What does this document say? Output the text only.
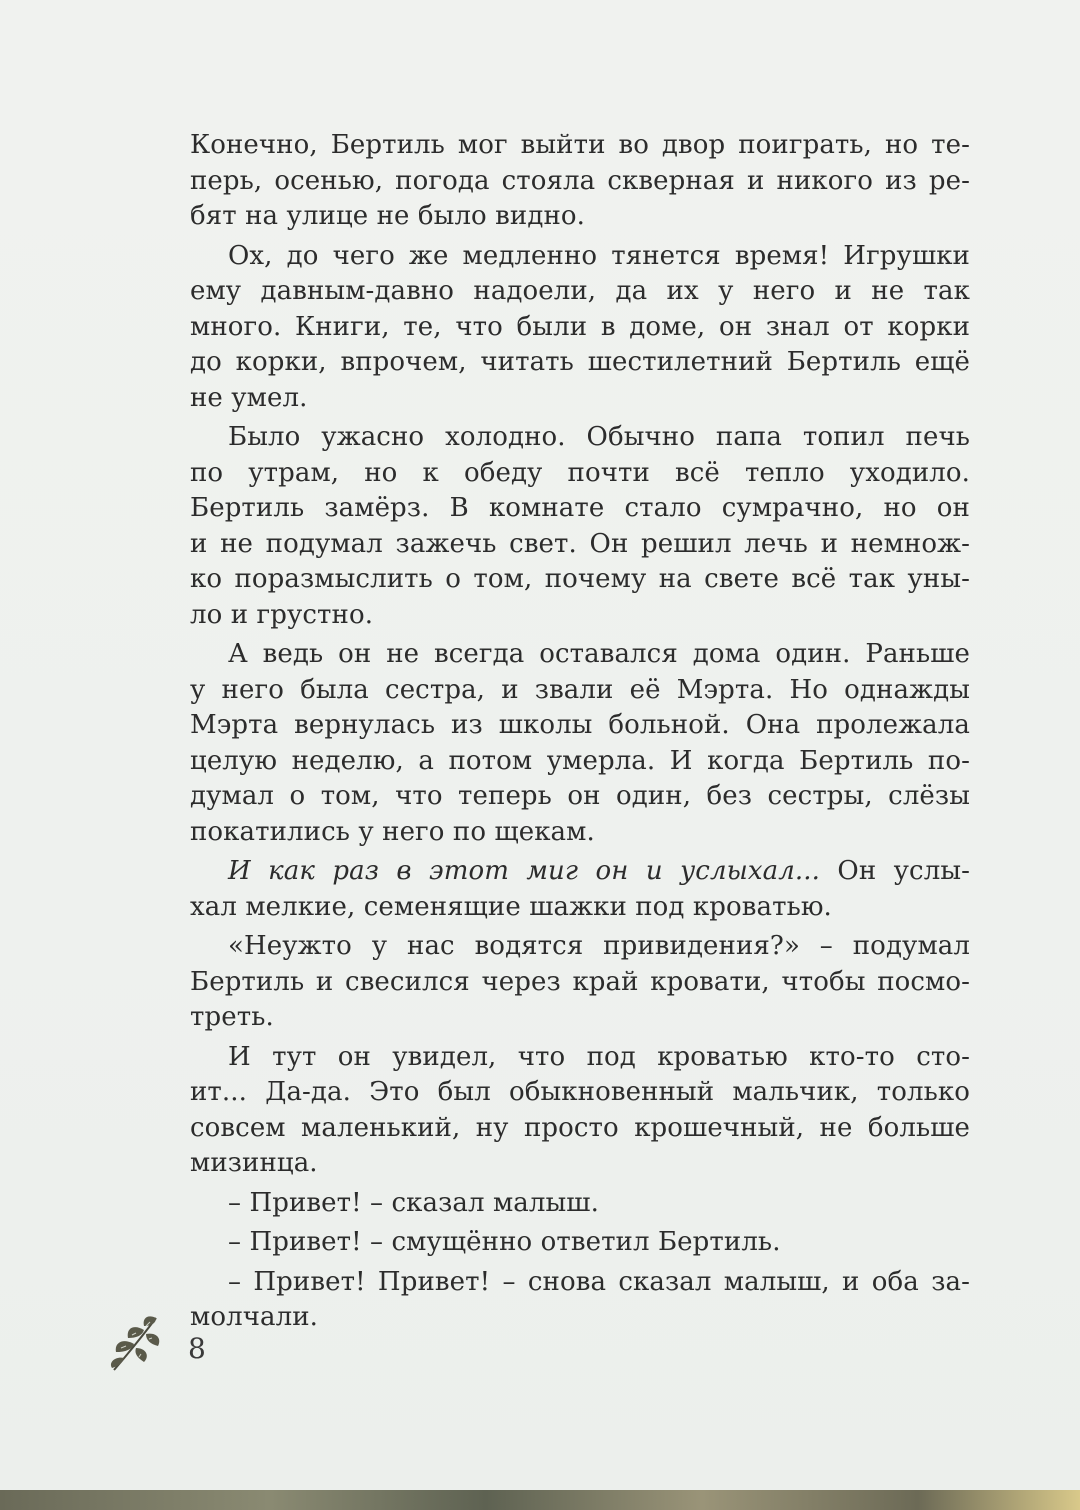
Конечно, Бертиль мог выйти во двор поиграть, но те-
перь, осенью, погода стояла скверная и никого из ре-
бят на улице не было видно.

Ох, до чего же медленно тянется время! Игрушки
ему давным-давно надоели, да их у него и не так
много. Книги, те, что были в доме, он знал от корки
до корки, впрочем, читать шестилетний Бертиль ещё
не умел.

Было ужасно холодно. Обычно папа топил печь
по утрам, но к обеду почти всё тепло уходило.
Бертиль замёрз. В комнате стало сумрачно, но он
и не подумал зажечь свет. Он решил лечь и немнож-
ко поразмыслить о том, почему на свете всё так уны-
ло и грустно.

А ведь он не всегда оставался дома один. Раньше
у него была сестра, и звали её Мэрта. Но однажды
Мэрта вернулась из школы больной. Она пролежала
целую неделю, а потом умерла. И когда Бертиль по-
думал о том, что теперь он один, без сестры, слёзы
покатились у него по щекам.

И как раз в этот миг он и услыхал... Он услы-
хал мелкие, семенящие шажки под кроватью.

«Неужто у нас водятся привидения?» – подумал
Бертиль и свесился через край кровати, чтобы посмо-
треть.

И тут он увидел, что под кроватью кто-то сто-
ит... Да-да. Это был обыкновенный мальчик, только
совсем маленький, ну просто крошечный, не больше
мизинца.

– Привет! – сказал малыш.

– Привет! – смущённо ответил Бертиль.

– Привет! Привет! – снова сказал малыш, и оба за-
молчали.

8
